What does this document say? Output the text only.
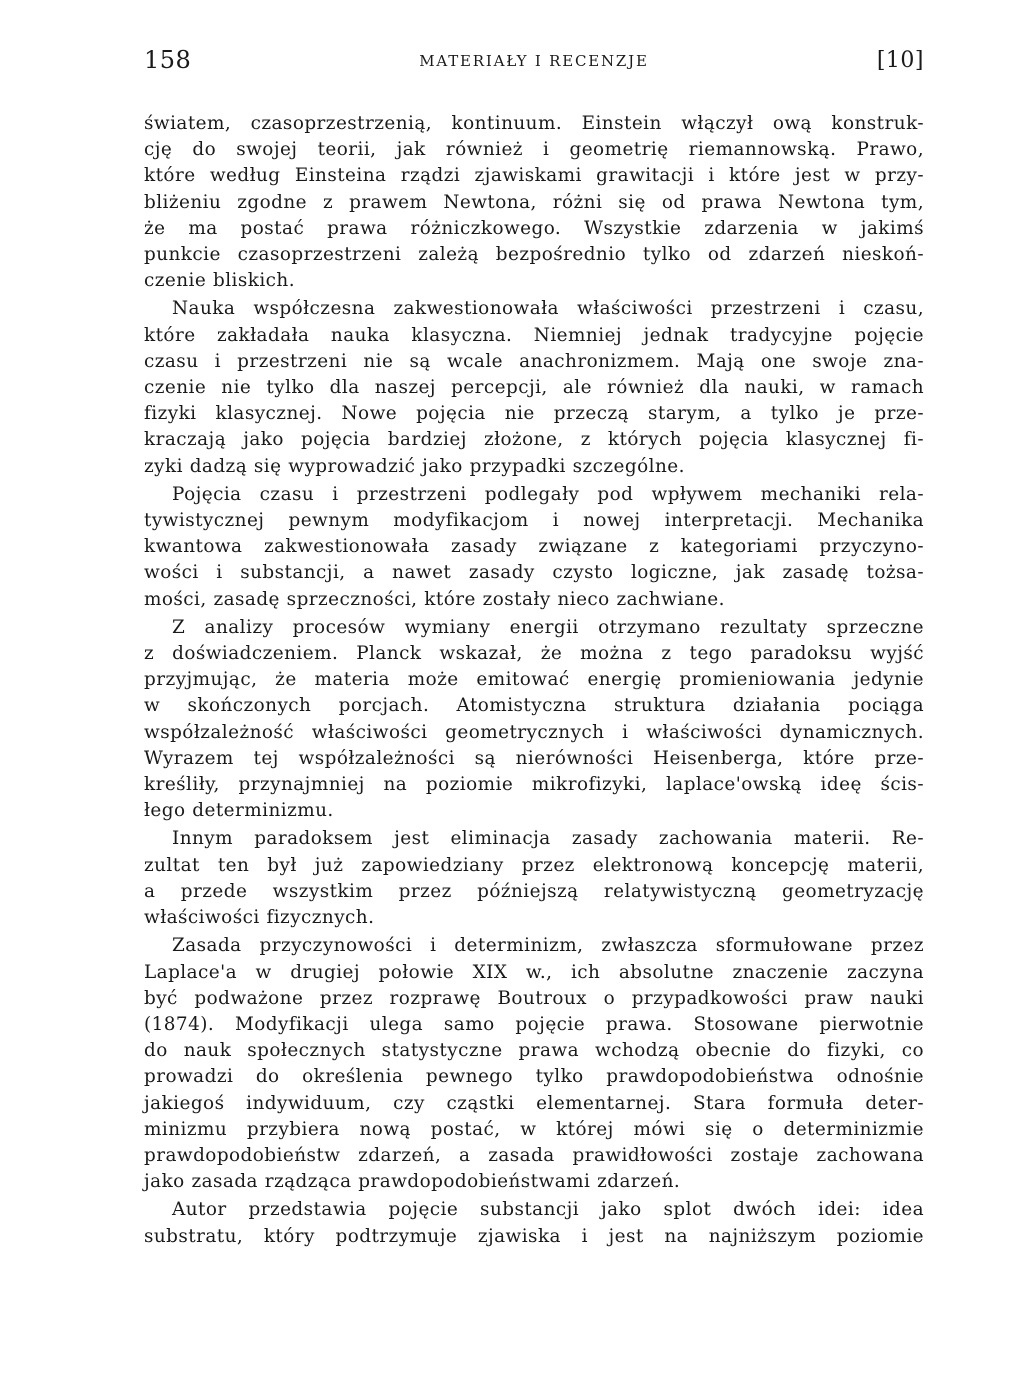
158	MATERIAŁY I RECENZJE	[10]

światem, czasoprzestrzenią, kontinuum. Einstein włączył ową konstruk-
cję do swojej teorii, jak również i geometrię riemannowską. Prawo,
które według Einsteina rządzi zjawiskami grawitacji i które jest w przy-
bliżeniu zgodne z prawem Newtona, różni się od prawa Newtona tym,
że ma postać prawa różniczkowego. Wszystkie zdarzenia w jakimś
punkcie czasoprzestrzeni zależą bezpośrednio tylko od zdarzeń nieskoń-
czenie bliskich.

Nauka współczesna zakwestionowała właściwości przestrzeni i czasu,
które zakładała nauka klasyczna. Niemniej jednak tradycyjne pojęcie
czasu i przestrzeni nie są wcale anachronizmem. Mają one swoje zna-
czenie nie tylko dla naszej percepcji, ale również dla nauki, w ramach
fizyki klasycznej. Nowe pojęcia nie przeczą starym, a tylko je prze-
kraczają jako pojęcia bardziej złożone, z których pojęcia klasycznej fi-
zyki dadzą się wyprowadzić jako przypadki szczególne.

Pojęcia czasu i przestrzeni podlegały pod wpływem mechaniki rela-
tywistycznej pewnym modyfikacjom i nowej interpretacji. Mechanika
kwantowa zakwestionowała zasady związane z kategoriami przyczyno-
wości i substancji, a nawet zasady czysto logiczne, jak zasadę tożsa-
mości, zasadę sprzeczności, które zostały nieco zachwiane.

Z analizy procesów wymiany energii otrzymano rezultaty sprzeczne
z doświadczeniem. Planck wskazał, że można z tego paradoksu wyjść
przyjmując, że materia może emitować energię promieniowania jedynie
w skończonych porcjach. Atomistyczna struktura działania pociąga
współzależność właściwości geometrycznych i właściwości dynamicznych.
Wyrazem tej współzależności są nierówności Heisenberga, które prze-
kreśliły, przynajmniej na poziomie mikrofizyki, laplace'owską ideę ścis-
łego determinizmu.

Innym paradoksem jest eliminacja zasady zachowania materii. Re-
zultat ten był już zapowiedziany przez elektronową koncepcję materii,
a przede wszystkim przez późniejszą relatywistyczną geometryzację
właściwości fizycznych.

Zasada przyczynowości i determinizm, zwłaszcza sformułowane przez
Laplace'a w drugiej połowie XIX w., ich absolutne znaczenie zaczyna
być podważone przez rozprawę Boutroux o przypadkowości praw nauki
(1874). Modyfikacji ulega samo pojęcie prawa. Stosowane pierwotnie
do nauk społecznych statystyczne prawa wchodzą obecnie do fizyki, co
prowadzi do określenia pewnego tylko prawdopodobieństwa odnośnie
jakiegoś indywiduum, czy cząstki elementarnej. Stara formuła deter-
minizmu przybiera nową postać, w której mówi się o determinizmie
prawdopodobieństw zdarzeń, a zasada prawidłowości zostaje zachowana
jako zasada rządząca prawdopodobieństwami zdarzeń.

Autor przedstawia pojęcie substancji jako splot dwóch idei: idea
substratu, który podtrzymuje zjawiska i jest na najniższym poziomie
